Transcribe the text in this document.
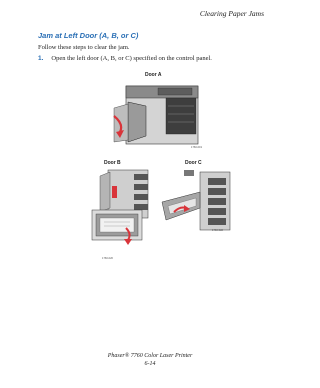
Clearing Paper Jams
Jam at Left Door (A, B, or C)
Follow these steps to clear the jam.
1. Open the left door (A, B, or C) specified on the control panel.
Door A
1760-019
Door B
1760-020
Door C
1760-022
Phaser® 7760 Color Laser Printer
6-14
